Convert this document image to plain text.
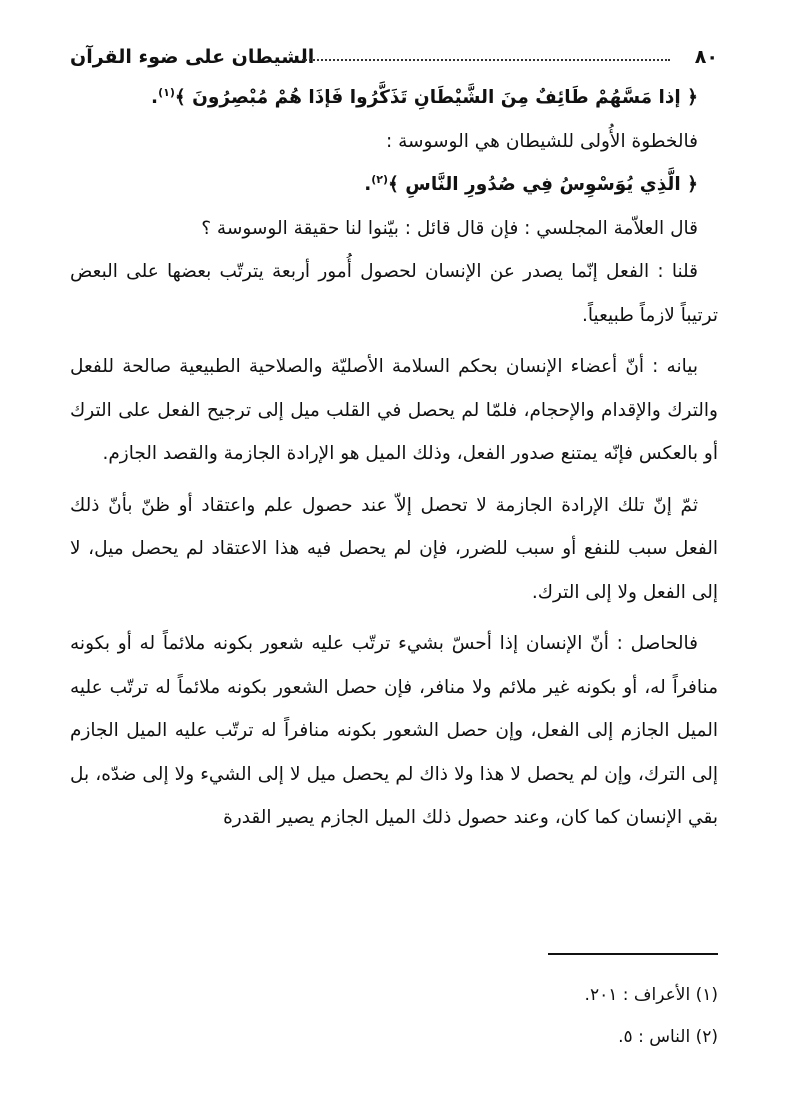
الشيطان على ضوء القرآن	٨٠

﴿ إذا مَسَّهُمْ طَائِفٌ مِنَ الشَّيْطَانِ تَذَكَّرُوا فَإذَا هُمْ مُبْصِرُونَ ﴾$^{(١)}$.

فالخطوة الأُولى للشيطان هي الوسوسة :

﴿ الَّذِي يُوَسْوِسُ فِي صُدُورِ النَّاسِ ﴾$^{(٢)}$.

قال العلاّمة المجلسي : فإن قال قائل : بيّنوا لنا حقيقة الوسوسة ؟

قلنا : الفعل إنّما يصدر عن الإنسان لحصول أُمور أربعة يترتّب بعضها على البعض ترتيباً لازماً طبيعياً.

بيانه : أنّ أعضاء الإنسان بحكم السلامة الأصليّة والصلاحية الطبيعية صالحة للفعل والترك والإقدام والإحجام، فلمّا لم يحصل في القلب ميل إلى ترجيح الفعل على الترك أو بالعكس فإنّه يمتنع صدور الفعل، وذلك الميل هو الإرادة الجازمة والقصد الجازم.

ثمّ إنّ تلك الإرادة الجازمة لا تحصل إلاّ عند حصول علم واعتقاد أو ظنّ بأنّ ذلك الفعل سبب للنفع أو سبب للضرر، فإن لم يحصل فيه هذا الاعتقاد لم يحصل ميل، لا إلى الفعل ولا إلى الترك.

فالحاصل : أنّ الإنسان إذا أحسّ بشيء ترتّب عليه شعور بكونه ملائماً له أو بكونه منافراً له، أو بكونه غير ملائم ولا منافر، فإن حصل الشعور بكونه ملائماً له ترتّب عليه الميل الجازم إلى الفعل، وإن حصل الشعور بكونه منافراً له ترتّب عليه الميل الجازم إلى الترك، وإن لم يحصل لا هذا ولا ذاك لم يحصل ميل لا إلى الشيء ولا إلى ضدّه، بل بقي الإنسان كما كان، وعند حصول ذلك الميل الجازم يصير القدرة

(١) الأعراف : ٢٠١.

(٢) الناس : ٥.
